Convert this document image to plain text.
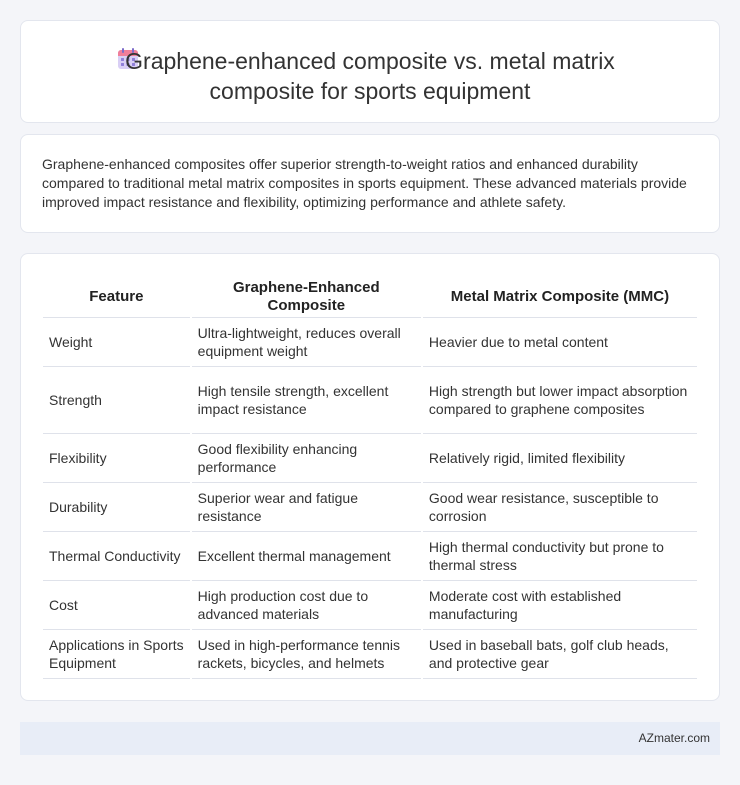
Graphene-enhanced composite vs. metal matrix
composite for sports equipment

Graphene-enhanced composites offer superior strength-to-weight ratios and enhanced durability compared to traditional metal matrix composites in sports equipment. These advanced materials provide improved impact resistance and flexibility, optimizing performance and athlete safety.

Feature	Graphene-Enhanced Composite	Metal Matrix Composite (MMC)
Weight	Ultra-lightweight, reduces overall equipment weight	Heavier due to metal content
Strength	High tensile strength, excellent impact resistance	High strength but lower impact absorption compared to graphene composites
Flexibility	Good flexibility enhancing performance	Relatively rigid, limited flexibility
Durability	Superior wear and fatigue resistance	Good wear resistance, susceptible to corrosion
Thermal Conductivity	Excellent thermal management	High thermal conductivity but prone to thermal stress
Cost	High production cost due to advanced materials	Moderate cost with established manufacturing
Applications in Sports Equipment	Used in high-performance tennis rackets, bicycles, and helmets	Used in baseball bats, golf club heads, and protective gear
AZmater.com
